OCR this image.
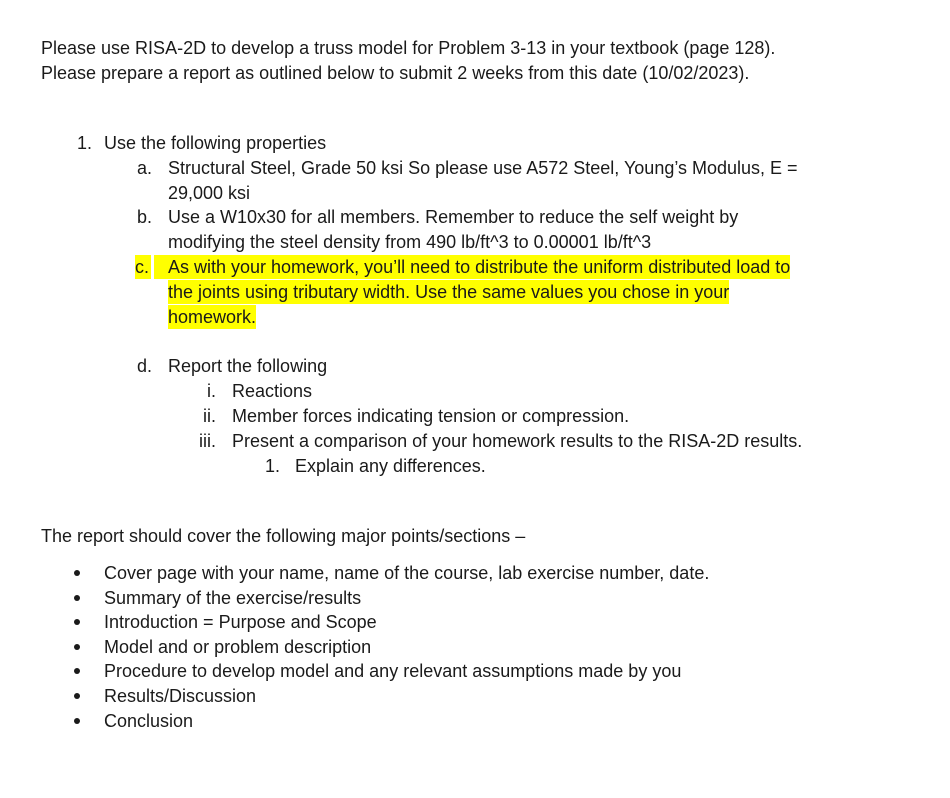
Please use RISA-2D to develop a truss model for Problem 3-13 in your textbook (page 128).
Please prepare a report as outlined below to submit 2 weeks from this date (10/02/2023).
1. Use the following properties
a. Structural Steel, Grade 50 ksi So please use A572 Steel, Young’s Modulus, E =
29,000 ksi
b. Use a W10x30 for all members. Remember to reduce the self weight by
modifying the steel density from 490 lb/ft^3 to 0.00001 lb/ft^3
c. As with your homework, you’ll need to distribute the uniform distributed load to
the joints using tributary width. Use the same values you chose in your
homework.
d. Report the following
i. Reactions
ii. Member forces indicating tension or compression.
iii. Present a comparison of your homework results to the RISA-2D results.
1. Explain any differences.
The report should cover the following major points/sections –
Cover page with your name, name of the course, lab exercise number, date.
Summary of the exercise/results
Introduction = Purpose and Scope
Model and or problem description
Procedure to develop model and any relevant assumptions made by you
Results/Discussion
Conclusion
